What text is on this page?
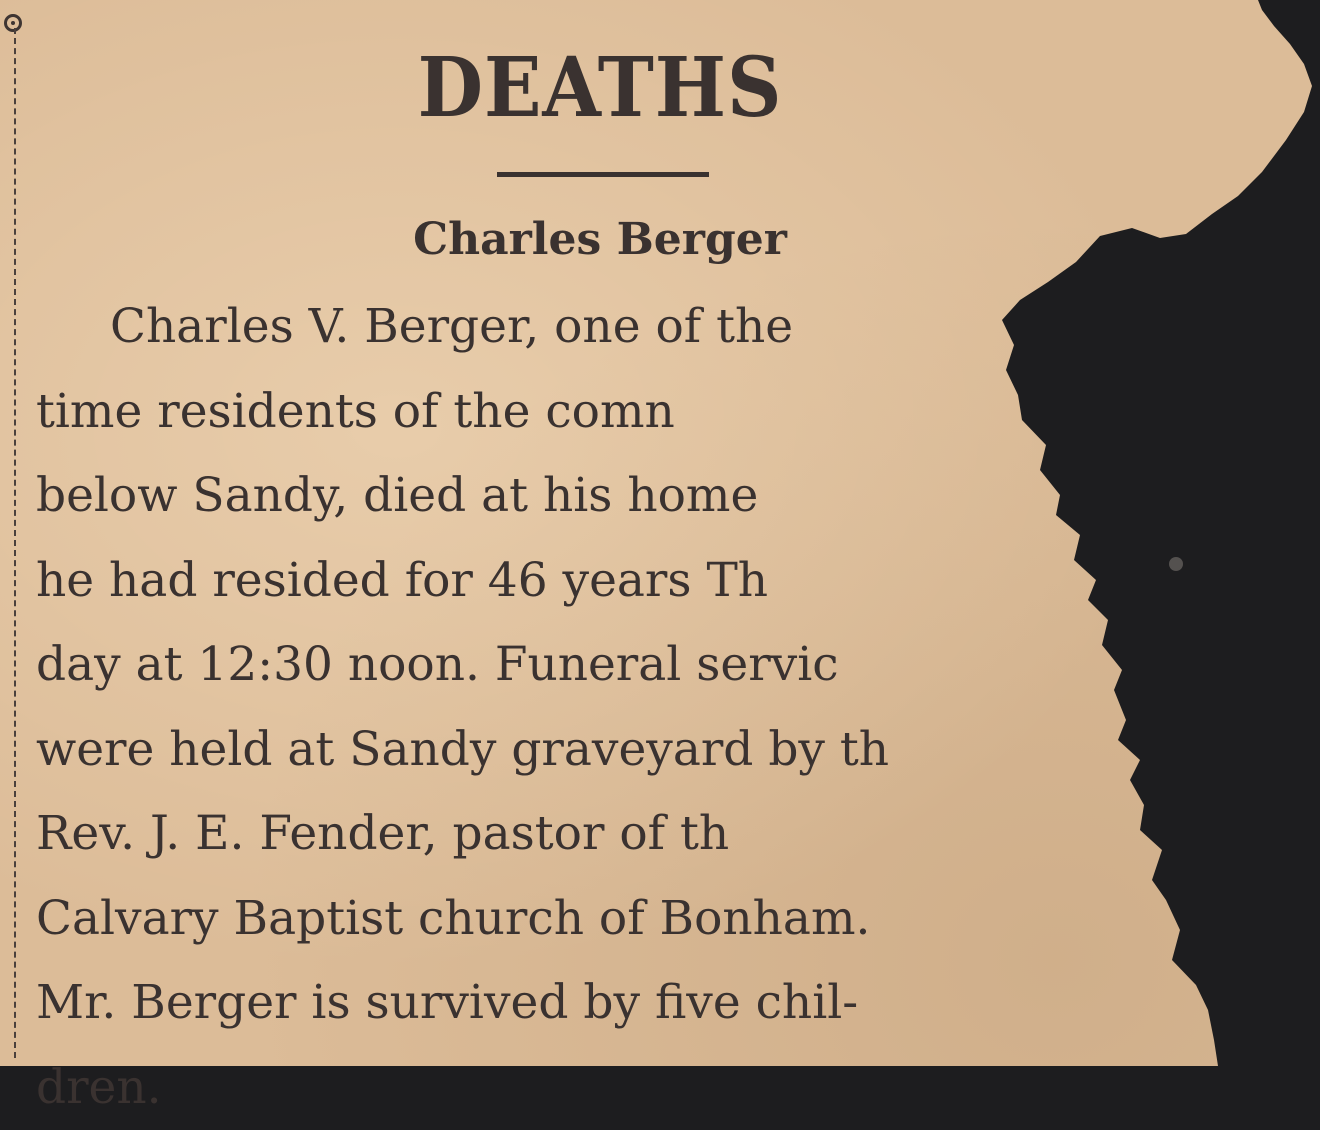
DEATHS
Charles Berger
Charles V. Berger, one of the
time residents of the comn
below Sandy, died at his home
he had resided for 46 years Th
day at 12:30 noon. Funeral servic
were held at Sandy graveyard by th
Rev. J. E. Fender, pastor of th
Calvary Baptist church of Bonham.
Mr. Berger is survived by five chil-
dren.
